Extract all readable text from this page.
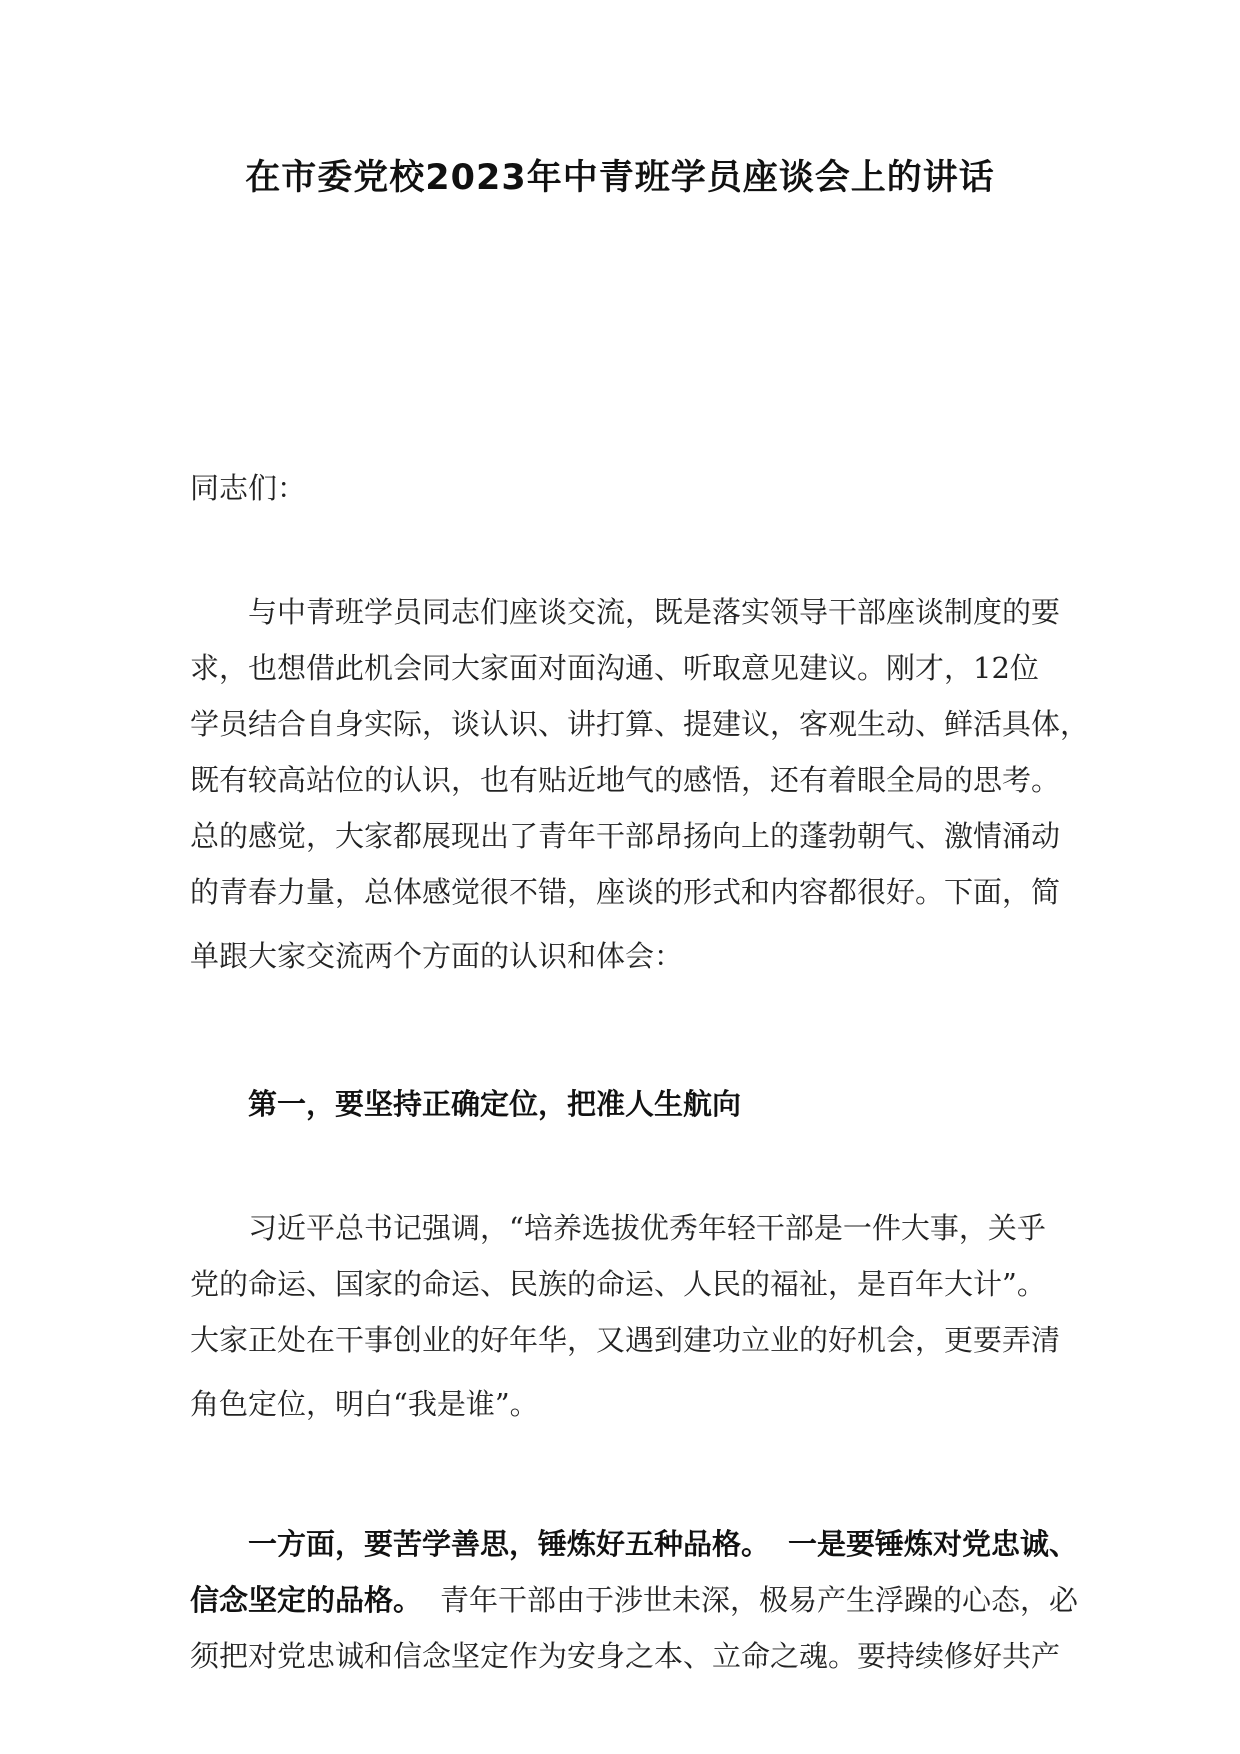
在市委党校2023年中青班学员座谈会上的讲话
同志们：
与中青班学员同志们座谈交流，既是落实领导干部座谈制度的要
求，也想借此机会同大家面对面沟通、听取意见建议。刚才，12位
学员结合自身实际，谈认识、讲打算、提建议，客观生动、鲜活具体，
既有较高站位的认识，也有贴近地气的感悟，还有着眼全局的思考。
总的感觉，大家都展现出了青年干部昂扬向上的蓬勃朝气、激情涌动
的青春力量，总体感觉很不错，座谈的形式和内容都很好。下面，简
单跟大家交流两个方面的认识和体会：
第一，要坚持正确定位，把准人生航向
习近平总书记强调，“培养选拔优秀年轻干部是一件大事，关乎
党的命运、国家的命运、民族的命运、人民的福祉，是百年大计”。
大家正处在干事创业的好年华，又遇到建功立业的好机会，更要弄清
角色定位，明白“我是谁”。
一方面，要苦学善思，锤炼好五种品格。 一是要锤炼对党忠诚、
信念坚定的品格。 青年干部由于涉世未深，极易产生浮躁的心态，必
须把对党忠诚和信念坚定作为安身之本、立命之魂。要持续修好共产
